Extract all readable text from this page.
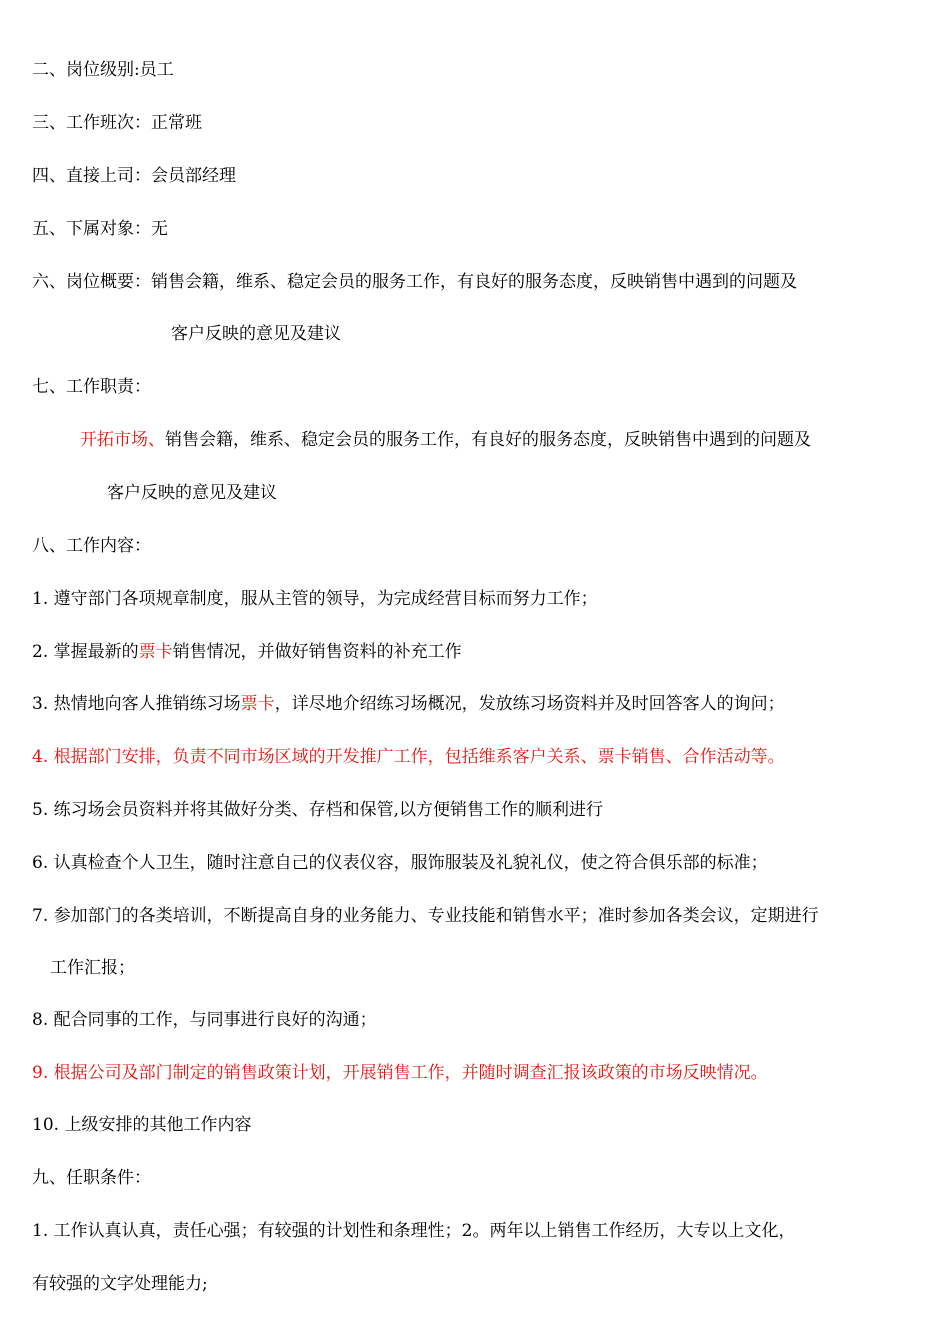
二、岗位级别:员工
三、工作班次：正常班
四、直接上司：会员部经理
五、下属对象：无
六、岗位概要：销售会籍，维系、稳定会员的服务工作，有良好的服务态度，反映销售中遇到的问题及
客户反映的意见及建议
七、工作职责：
开拓市场、销售会籍，维系、稳定会员的服务工作，有良好的服务态度，反映销售中遇到的问题及
客户反映的意见及建议
八、工作内容：
1. 遵守部门各项规章制度，服从主管的领导，为完成经营目标而努力工作；
2. 掌握最新的票卡销售情况，并做好销售资料的补充工作
3. 热情地向客人推销练习场票卡，详尽地介绍练习场概况，发放练习场资料并及时回答客人的询问；
4. 根据部门安排，负责不同市场区域的开发推广工作，包括维系客户关系、票卡销售、合作活动等。
5. 练习场会员资料并将其做好分类、存档和保管,以方便销售工作的顺利进行
6. 认真检查个人卫生，随时注意自己的仪表仪容，服饰服装及礼貌礼仪，使之符合俱乐部的标准；
7. 参加部门的各类培训，不断提高自身的业务能力、专业技能和销售水平；准时参加各类会议，定期进行
工作汇报；
8. 配合同事的工作，与同事进行良好的沟通；
9. 根据公司及部门制定的销售政策计划，开展销售工作，并随时调查汇报该政策的市场反映情况。
10. 上级安排的其他工作内容
九、任职条件：
1. 工作认真认真，责任心强；有较强的计划性和条理性；2。两年以上销售工作经历，大专以上文化，
有较强的文字处理能力;
